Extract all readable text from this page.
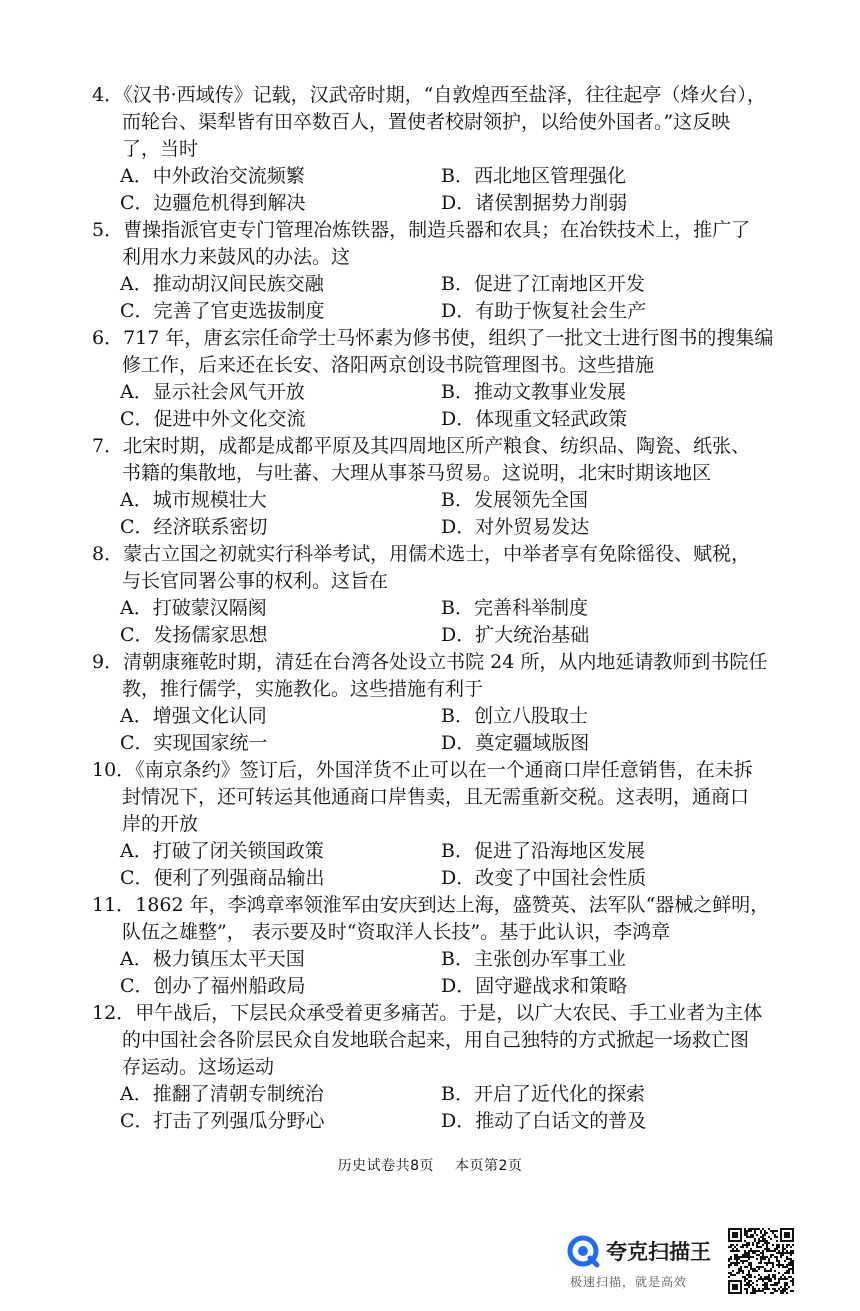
4．《汉书·西域传》记载，汉武帝时期，“自敦煌西至盐泽，往往起亭（烽火台），
而轮台、渠犁皆有田卒数百人，置使者校尉领护，以给使外国者。”这反映
了，当时
A．中外政治交流频繁	B．西北地区管理强化
C．边疆危机得到解决	D．诸侯割据势力削弱
5．曹操指派官吏专门管理冶炼铁器，制造兵器和农具；在冶铁技术上，推广了
利用水力来鼓风的办法。这
A．推动胡汉间民族交融	B．促进了江南地区开发
C．完善了官吏选拔制度	D．有助于恢复社会生产
6．717 年，唐玄宗任命学士马怀素为修书使，组织了一批文士进行图书的搜集编
修工作，后来还在长安、洛阳两京创设书院管理图书。这些措施
A．显示社会风气开放	B．推动文教事业发展
C．促进中外文化交流	D．体现重文轻武政策
7．北宋时期，成都是成都平原及其四周地区所产粮食、纺织品、陶瓷、纸张、
书籍的集散地，与吐蕃、大理从事茶马贸易。这说明，北宋时期该地区
A．城市规模壮大	B．发展领先全国
C．经济联系密切	D．对外贸易发达
8．蒙古立国之初就实行科举考试，用儒术选士，中举者享有免除徭役、赋税，
与长官同署公事的权利。这旨在
A．打破蒙汉隔阂	B．完善科举制度
C．发扬儒家思想	D．扩大统治基础
9．清朝康雍乾时期，清廷在台湾各处设立书院 24 所，从内地延请教师到书院任
教，推行儒学，实施教化。这些措施有利于
A．增强文化认同	B．创立八股取士
C．实现国家统一	D．奠定疆域版图
10．《南京条约》签订后，外国洋货不止可以在一个通商口岸任意销售，在未拆
封情况下，还可转运其他通商口岸售卖，且无需重新交税。这表明，通商口
岸的开放
A．打破了闭关锁国政策	B．促进了沿海地区发展
C．便利了列强商品输出	D．改变了中国社会性质
11．1862 年，李鸿章率领淮军由安庆到达上海，盛赞英、法军队“器械之鲜明，
队伍之雄整”， 表示要及时“资取洋人长技”。基于此认识，李鸿章
A．极力镇压太平天国	B．主张创办军事工业
C．创办了福州船政局	D．固守避战求和策略
12．甲午战后，下层民众承受着更多痛苦。于是，以广大农民、手工业者为主体
的中国社会各阶层民众自发地联合起来，用自己独特的方式掀起一场救亡图
存运动。这场运动
A．推翻了清朝专制统治	B．开启了近代化的探索
C．打击了列强瓜分野心	D．推动了白话文的普及
历史试卷共8页 本页第2页
夸克扫描王
极速扫描，就是高效
